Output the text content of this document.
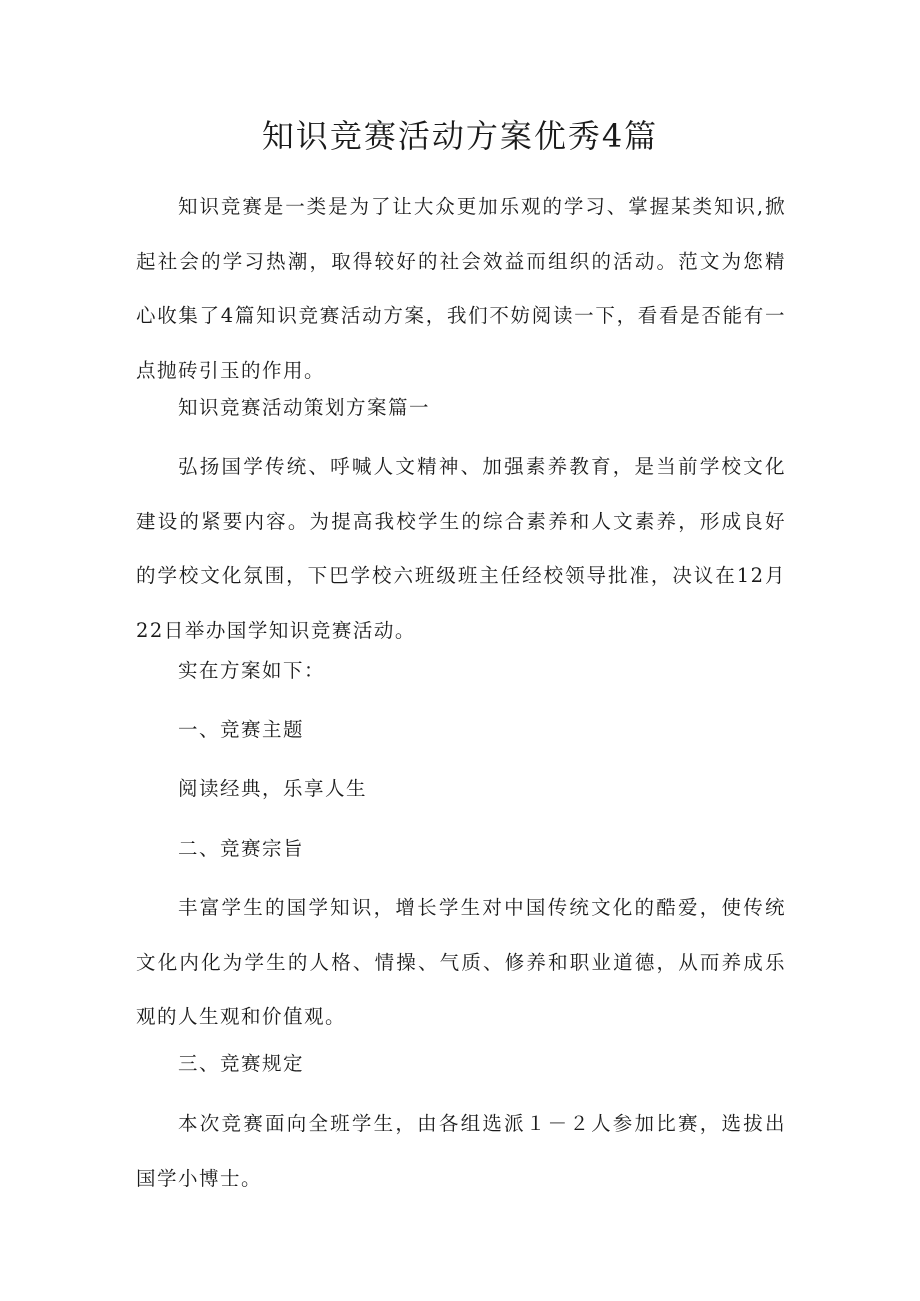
知识竞赛活动方案优秀4篇

知识竞赛是一类是为了让大众更加乐观的学习、掌握某类知识,掀起社会的学习热潮，取得较好的社会效益而组织的活动。范文为您精心收集了4篇知识竞赛活动方案，我们不妨阅读一下，看看是否能有一点抛砖引玉的作用。

知识竞赛活动策划方案篇一

弘扬国学传统、呼喊人文精神、加强素养教育，是当前学校文化建设的紧要内容。为提高我校学生的综合素养和人文素养，形成良好的学校文化氛围，下巴学校六班级班主任经校领导批准，决议在12月22日举办国学知识竞赛活动。

实在方案如下：

一、竞赛主题

阅读经典，乐享人生

二、竞赛宗旨

丰富学生的国学知识，增长学生对中国传统文化的酷爱，使传统文化内化为学生的人格、情操、气质、修养和职业道德，从而养成乐观的人生观和价值观。

三、竞赛规定

本次竞赛面向全班学生，由各组选派１－２人参加比赛，选拔出国学小博士。
